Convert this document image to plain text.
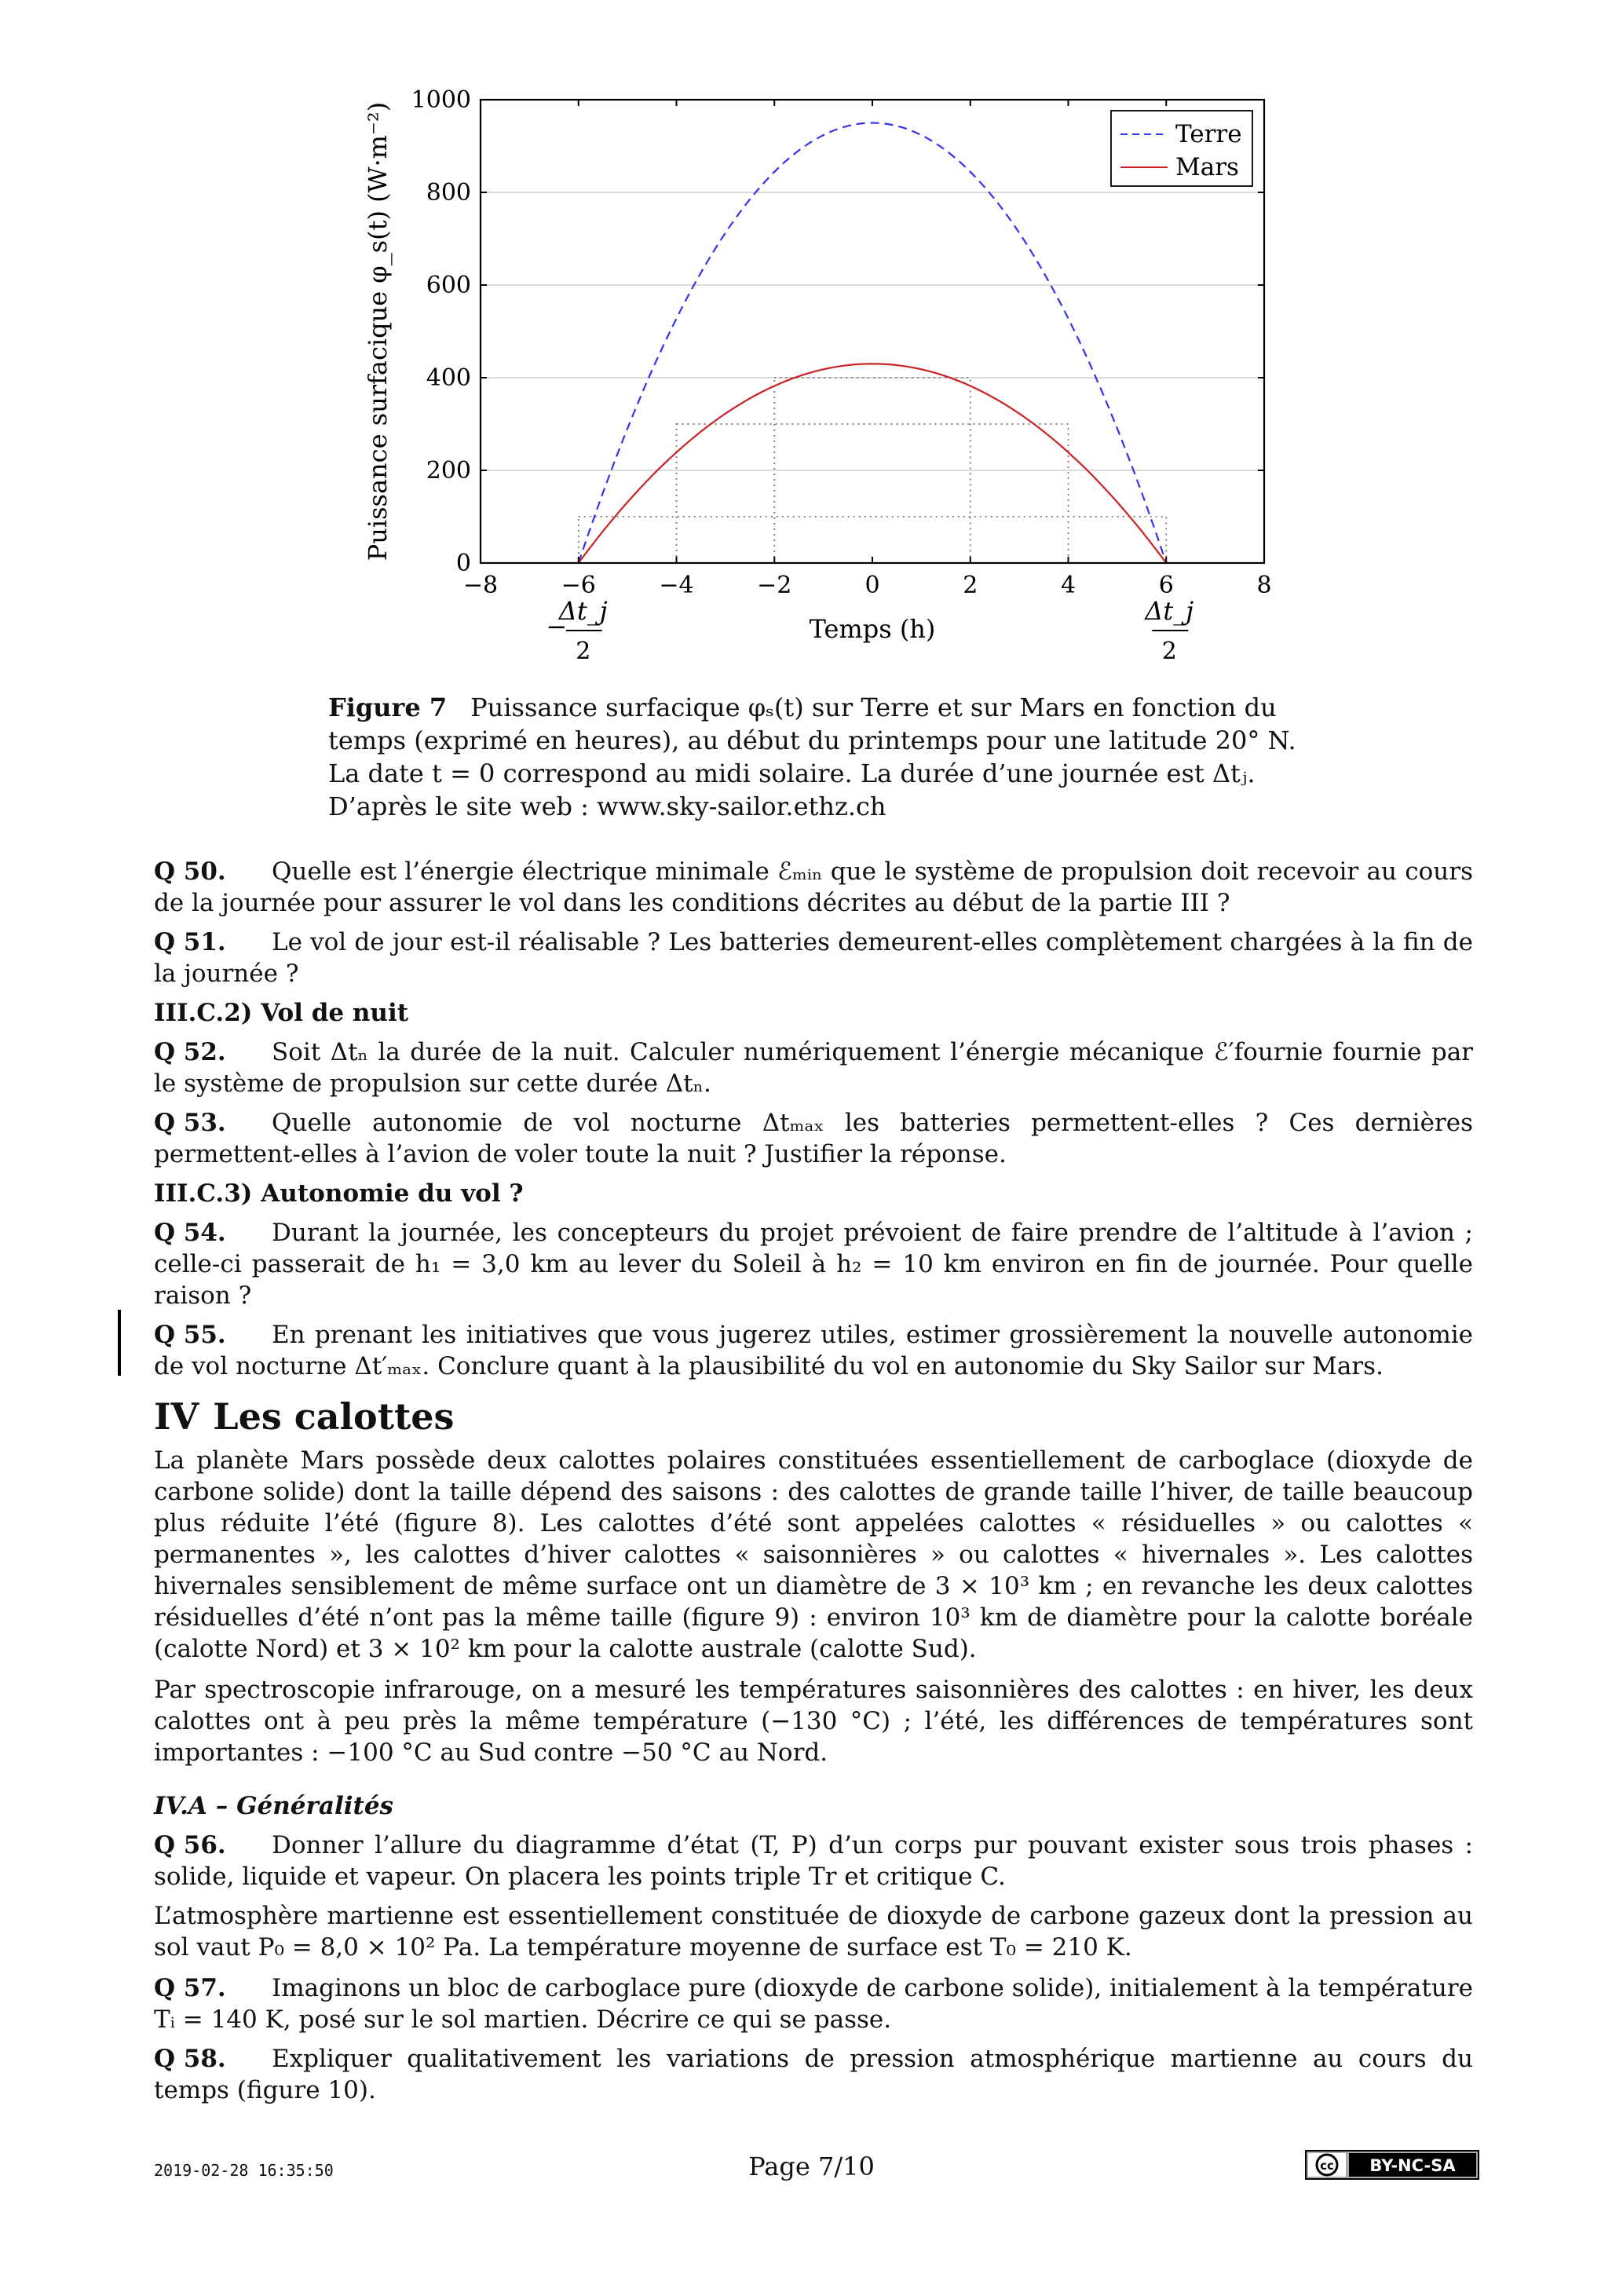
−8	−6	−4	−2	0	2	4	6	8
0
200
400
600
800
1000
Temps (h)
Puissance surfacique φ_s(t) (W·m⁻²)
−
Δt_j
2
Δt_j
2
Terre
Mars
Figure 7 Puissance surfacique φₛ(t) sur Terre et sur Mars en fonction du temps (exprimé en heures), au début du printemps pour une latitude 20° N. La date t = 0 correspond au midi solaire. La durée d’une journée est Δtⱼ. D’après le site web : www.sky-sailor.ethz.ch

Q 50. Quelle est l’énergie électrique minimale ℰₘᵢₙ que le système de propulsion doit recevoir au cours de la journée pour assurer le vol dans les conditions décrites au début de la partie III ?

Q 51. Le vol de jour est-il réalisable ? Les batteries demeurent-elles complètement chargées à la fin de la journée ?

III.C.2) Vol de nuit

Q 52. Soit Δtₙ la durée de la nuit. Calculer numériquement l’énergie mécanique ℰ′fournie fournie par le système de propulsion sur cette durée Δtₙ.

Q 53. Quelle autonomie de vol nocturne Δtₘₐₓ les batteries permettent-elles ? Ces dernières permettent-elles à l’avion de voler toute la nuit ? Justifier la réponse.

III.C.3) Autonomie du vol ?

Q 54. Durant la journée, les concepteurs du projet prévoient de faire prendre de l’altitude à l’avion ; celle-ci passerait de h₁ = 3,0 km au lever du Soleil à h₂ = 10 km environ en fin de journée. Pour quelle raison ?

Q 55. En prenant les initiatives que vous jugerez utiles, estimer grossièrement la nouvelle autonomie de vol nocturne Δt′ₘₐₓ. Conclure quant à la plausibilité du vol en autonomie du Sky Sailor sur Mars.

IV Les calottes

La planète Mars possède deux calottes polaires constituées essentiellement de carboglace (dioxyde de carbone solide) dont la taille dépend des saisons : des calottes de grande taille l’hiver, de taille beaucoup plus réduite l’été (figure 8). Les calottes d’été sont appelées calottes « résiduelles » ou calottes « permanentes », les calottes d’hiver calottes « saisonnières » ou calottes « hivernales ». Les calottes hivernales sensiblement de même surface ont un diamètre de 3 × 10³ km ; en revanche les deux calottes résiduelles d’été n’ont pas la même taille (figure 9) : environ 10³ km de diamètre pour la calotte boréale (calotte Nord) et 3 × 10² km pour la calotte australe (calotte Sud).

Par spectroscopie infrarouge, on a mesuré les températures saisonnières des calottes : en hiver, les deux calottes ont à peu près la même température (−130 °C) ; l’été, les différences de températures sont importantes : −100 °C au Sud contre −50 °C au Nord.

IV.A – Généralités

Q 56. Donner l’allure du diagramme d’état (T, P) d’un corps pur pouvant exister sous trois phases : solide, liquide et vapeur. On placera les points triple Tr et critique C.

L’atmosphère martienne est essentiellement constituée de dioxyde de carbone gazeux dont la pression au sol vaut P₀ = 8,0 × 10² Pa. La température moyenne de surface est T₀ = 210 K.

Q 57. Imaginons un bloc de carboglace pure (dioxyde de carbone solide), initialement à la température Tᵢ = 140 K, posé sur le sol martien. Décrire ce qui se passe.

Q 58. Expliquer qualitativement les variations de pression atmosphérique martienne au cours du temps (figure 10).

2019-02-28 16:35:50	Page 7/10	cc BY-NC-SA
